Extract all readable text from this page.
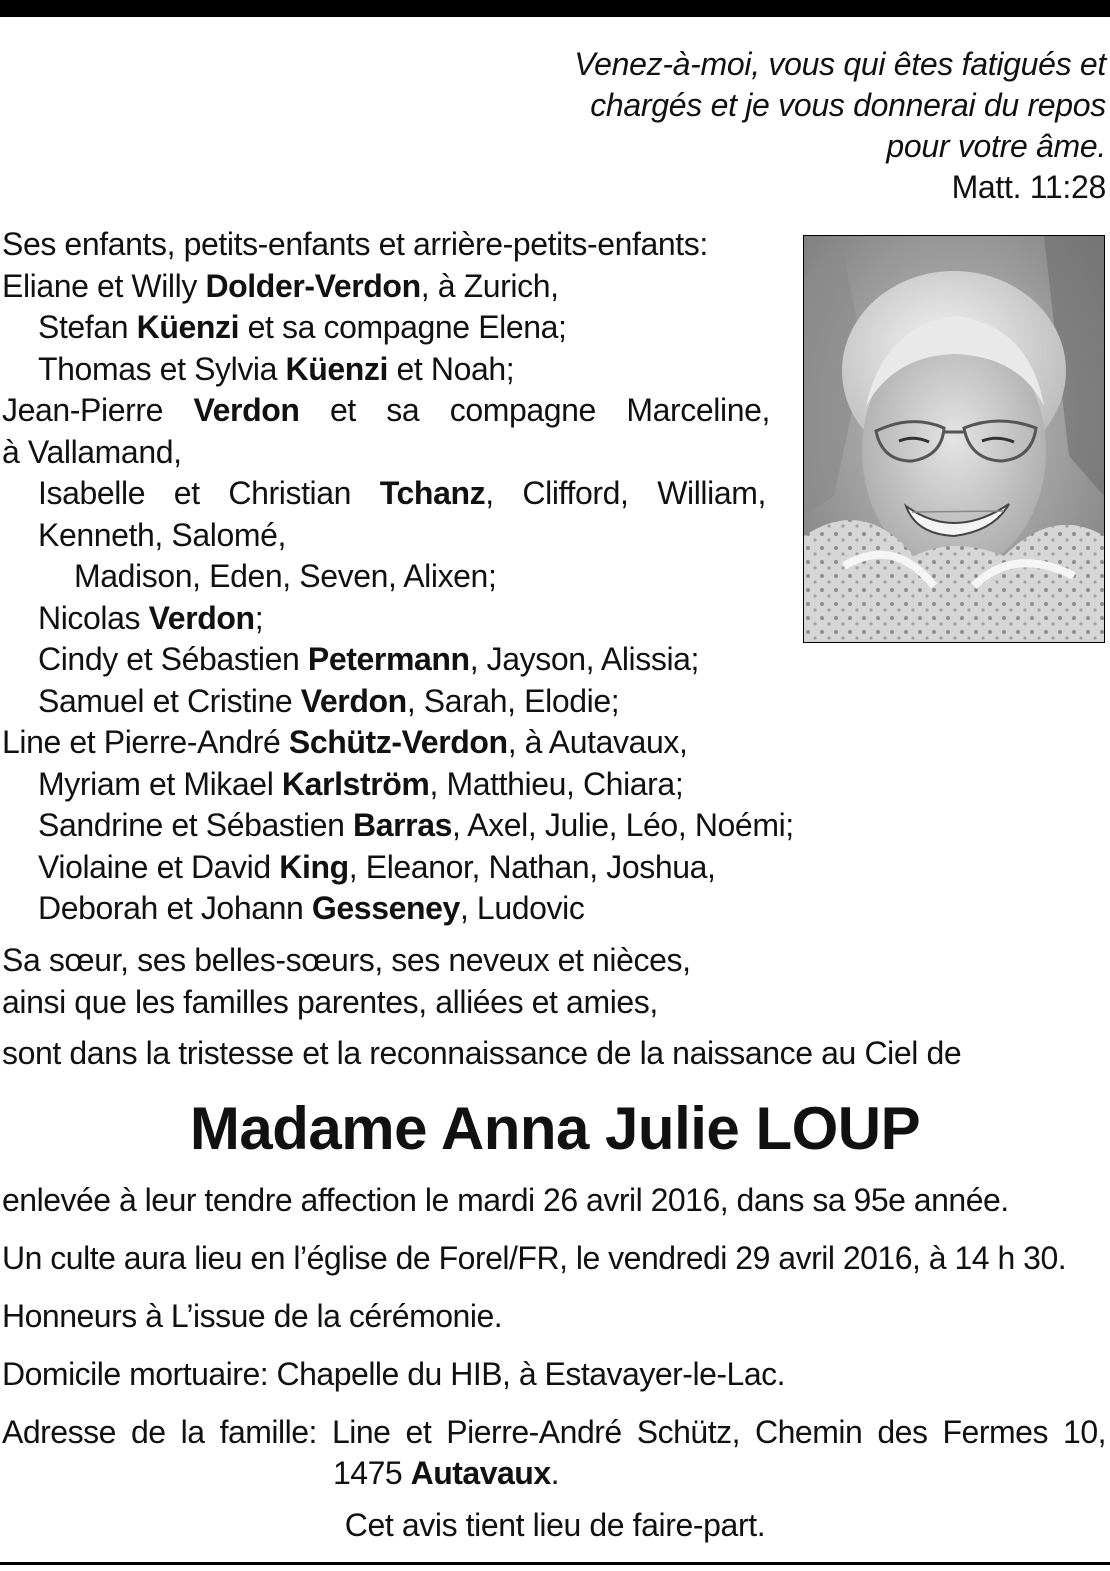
Venez-à-moi, vous qui êtes fatigués et
chargés et je vous donnerai du repos
pour votre âme.
Matt. 11:28
Ses enfants, petits-enfants et arrière-petits-enfants:
Eliane et Willy Dolder-Verdon, à Zurich,
Stefan Küenzi et sa compagne Elena;
Thomas et Sylvia Küenzi et Noah;
Jean-Pierre Verdon et sa compagne Marceline,
à Vallamand,
Isabelle et Christian Tchanz, Clifford, William,
Kenneth, Salomé,
Madison, Eden, Seven, Alixen;
Nicolas Verdon;
Cindy et Sébastien Petermann, Jayson, Alissia;
Samuel et Cristine Verdon, Sarah, Elodie;
Line et Pierre-André Schütz-Verdon, à Autavaux,
Myriam et Mikael Karlström, Matthieu, Chiara;
Sandrine et Sébastien Barras, Axel, Julie, Léo, Noémi;
Violaine et David King, Eleanor, Nathan, Joshua,
Deborah et Johann Gesseney, Ludovic
Sa sœur, ses belles-sœurs, ses neveux et nièces,
ainsi que les familles parentes, alliées et amies,
sont dans la tristesse et la reconnaissance de la naissance au Ciel de
Madame Anna Julie LOUP
enlevée à leur tendre affection le mardi 26 avril 2016, dans sa 95e année.
Un culte aura lieu en l’église de Forel/FR, le vendredi 29 avril 2016, à 14 h 30.
Honneurs à L’issue de la cérémonie.
Domicile mortuaire: Chapelle du HIB, à Estavayer-le-Lac.
Adresse de la famille: Line et Pierre-André Schütz, Chemin des Fermes 10,
1475 Autavaux.
Cet avis tient lieu de faire-part.
